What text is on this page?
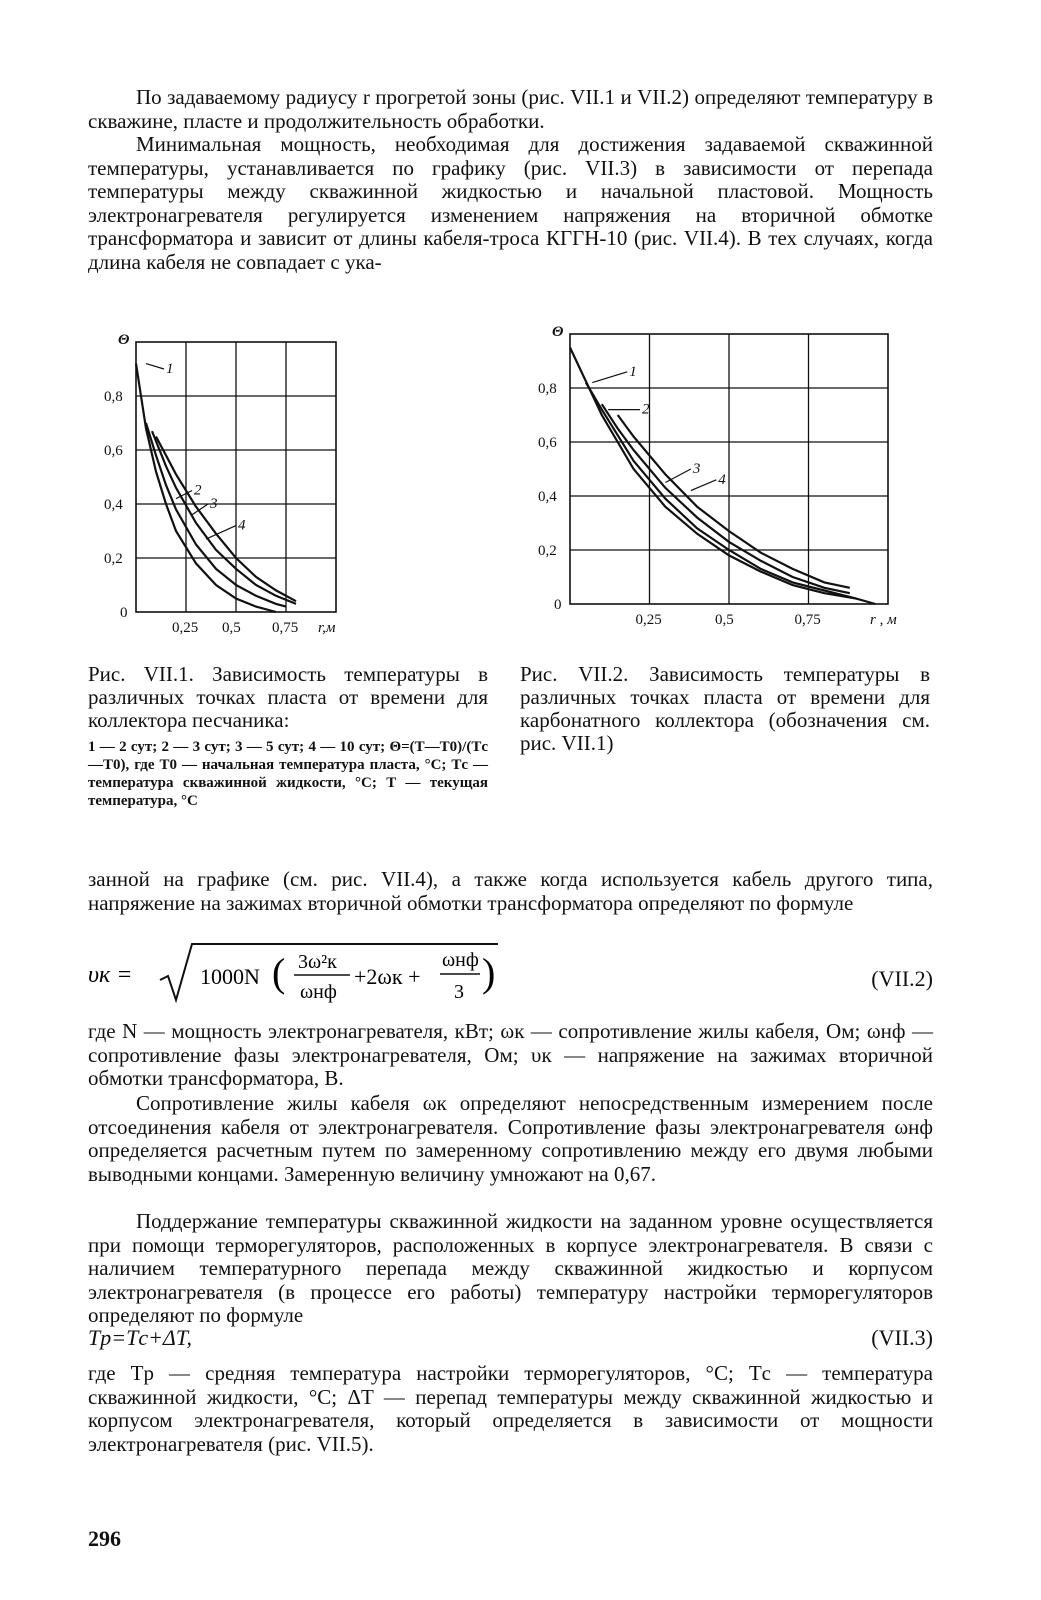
По задаваемому радиусу r прогретой зоны (рис. VII.1 и VII.2) определяют температуру в скважине, пласте и продолжительность обработки.
Минимальная мощность, необходимая для достижения задаваемой скважинной температуры, устанавливается по графику (рис. VII.3) в зависимости от перепада температуры между скважинной жидкостью и начальной пластовой. Мощность электронагревателя регулируется изменением напряжения на вторичной обмотке трансформатора и зависит от длины кабеля-троса КГГН-10 (рис. VII.4). В тех случаях, когда длина кабеля не совпадает с ука-
0,25 0,5 0,75
0,2
0,4
0,6
0,8
0
Θ
r,м
1
2
3
4
0,25	0,5	0,75
0,2
0,4
0,6
0,8
0
Θ
r , м
1
2
3
4
Рис. VII.1. Зависимость температуры в различных точках пласта от времени для коллектора песчаника:
1 — 2 сут; 2 — 3 сут; 3 — 5 сут; 4 — 10 сут; Θ=(T—T0)/(Tс—T0), где T0 — начальная температура пласта, °С; Tс — температура скважинной жидкости, °С; T — текущая температура, °С
Рис. VII.2. Зависимость температуры в различных точках пласта от времени для карбонатного коллектора (обозначения см. рис. VII.1)
занной на графике (см. рис. VII.4), а также когда используется кабель другого типа, напряжение на зажимах вторичной обмотки трансформатора определяют по формуле
υк =	1000N ( 3ω²к
ωнф
+2ωк +
ωнф
3 )	(VII.2)
где N — мощность электронагревателя, кВт; ωк — сопротивление жилы кабеля, Ом; ωнф — сопротивление фазы электронагревателя, Ом; υк — напряжение на зажимах вторичной обмотки трансформатора, В.
Сопротивление жилы кабеля ωк определяют непосредственным измерением после отсоединения кабеля от электронагревателя. Сопротивление фазы электронагревателя ωнф определяется расчетным путем по замеренному сопротивлению между его двумя любыми выводными концами. Замеренную величину умножают на 0,67.
Поддержание температуры скважинной жидкости на заданном уровне осуществляется при помощи терморегуляторов, расположенных в корпусе электронагревателя. В связи с наличием температурного перепада между скважинной жидкостью и корпусом электронагревателя (в процессе его работы) температуру настройки терморегуляторов определяют по формуле
Tр=Tс+ΔT,	(VII.3)
где Tр — средняя температура настройки терморегуляторов, °С; Tс — температура скважинной жидкости, °С; ΔT — перепад температуры между скважинной жидкостью и корпусом электронагревателя, который определяется в зависимости от мощности электронагревателя (рис. VII.5).
296
